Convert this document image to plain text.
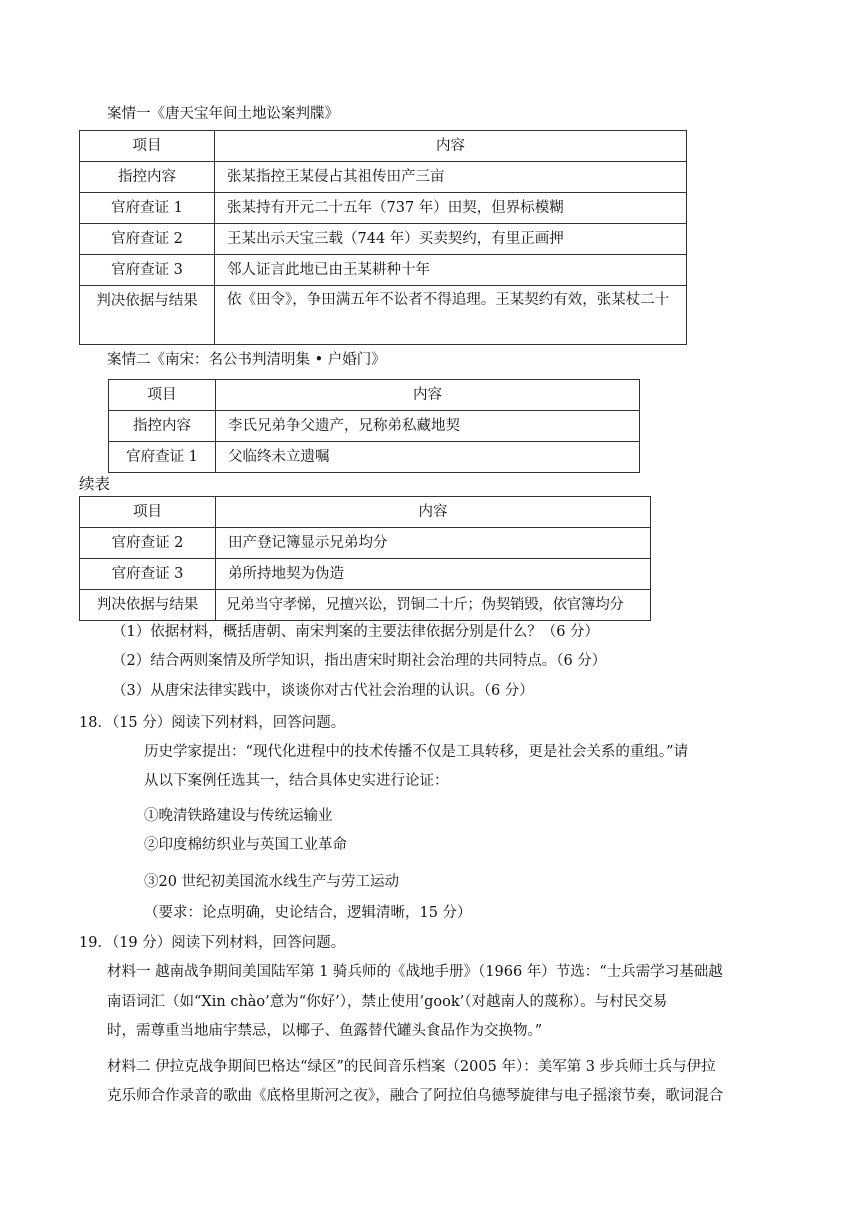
案情一《唐天宝年间土地讼案判牒》
项目	内容
指控内容	张某指控王某侵占其祖传田产三亩
官府查证 1	张某持有开元二十五年（737 年）田契，但界标模糊
官府查证 2	王某出示天宝三载（744 年）买卖契约，有里正画押
官府查证 3	邻人证言此地已由王某耕种十年
判决依据与结果	依《田令》，争田满五年不讼者不得追理。王某契约有效，张某杖二十
案情二《南宋：名公书判清明集 • 户婚门》
项目	内容
指控内容	李氏兄弟争父遗产，兄称弟私藏地契
官府查证 1	父临终未立遗嘱
续表
项目	内容
官府查证 2	田产登记簿显示兄弟均分
官府查证 3	弟所持地契为伪造
判决依据与结果	兄弟当守孝悌，兄擅兴讼，罚铜二十斤；伪契销毁，依官簿均分
（1）依据材料，概括唐朝、南宋判案的主要法律依据分别是什么？（6 分）
（2）结合两则案情及所学知识，指出唐宋时期社会治理的共同特点。（6 分）
（3）从唐宋法律实践中，谈谈你对古代社会治理的认识。（6 分）
18．（15 分）阅读下列材料，回答问题。
历史学家提出：“现代化进程中的技术传播不仅是工具转移，更是社会关系的重组。”请
从以下案例任选其一，结合具体史实进行论证：
①晚清铁路建设与传统运输业
②印度棉纺织业与英国工业革命
③20 世纪初美国流水线生产与劳工运动
（要求：论点明确，史论结合，逻辑清晰，15 分）
19．（19 分）阅读下列材料，回答问题。
材料一 越南战争期间美国陆军第 1 骑兵师的《战地手册》（1966 年）节选：“士兵需学习基础越
南语词汇（如“Xin chào’意为“你好’），禁止使用’gook’（对越南人的蔑称）。与村民交易
时，需尊重当地庙宇禁忌，以椰子、鱼露替代罐头食品作为交换物。”
材料二 伊拉克战争期间巴格达“绿区”的民间音乐档案（2005 年）：美军第 3 步兵师士兵与伊拉
克乐师合作录音的歌曲《底格里斯河之夜》，融合了阿拉伯乌德琴旋律与电子摇滚节奏，歌词混合
